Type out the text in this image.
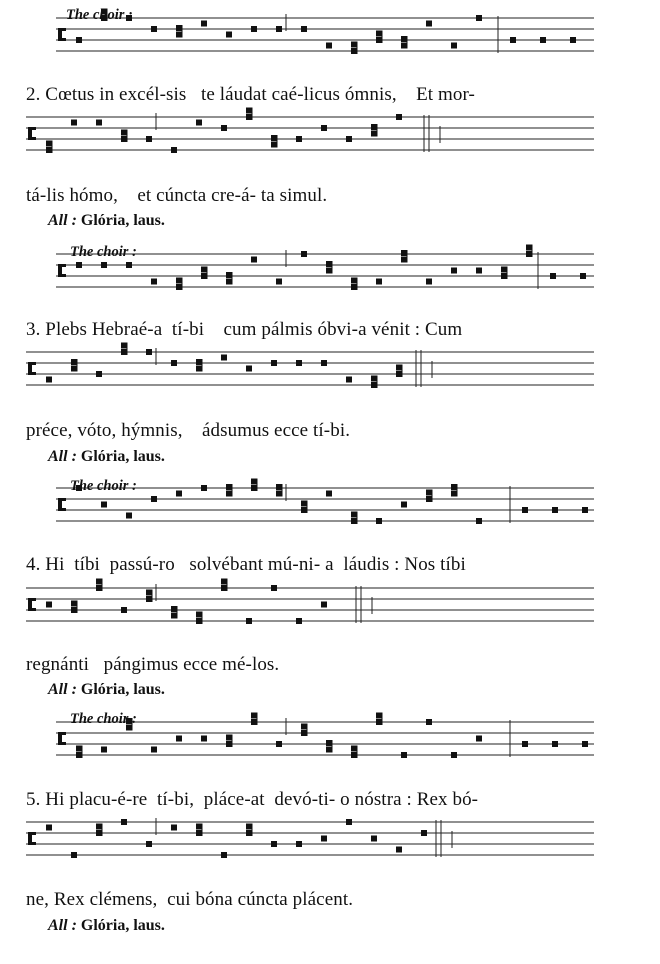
The choir :
The choir :
The choir :
The choir :
2. Cœtus in excél-sis   te láudat caé-licus ómnis,    Et mor-
tá-lis hómo,    et cúncta cre-á- ta simul.
3. Plebs Hebraé-a  tí-bi    cum pálmis óbvi-a vénit : Cum
préce, vóto, hýmnis,    ádsumus ecce tí-bi.
4. Hi  tíbi  passú-ro   solvébant mú-ni- a  láudis : Nos tíbi
regnánti   pángimus ecce mé-los.
5. Hi placu-é-re  tí-bi,  pláce-at  devó-ti- o nóstra : Rex bó-
ne, Rex clémens,  cui bóna cúncta plácent.
All : Glória, laus.
All : Glória, laus.
All : Glória, laus.
All : Glória, laus.
